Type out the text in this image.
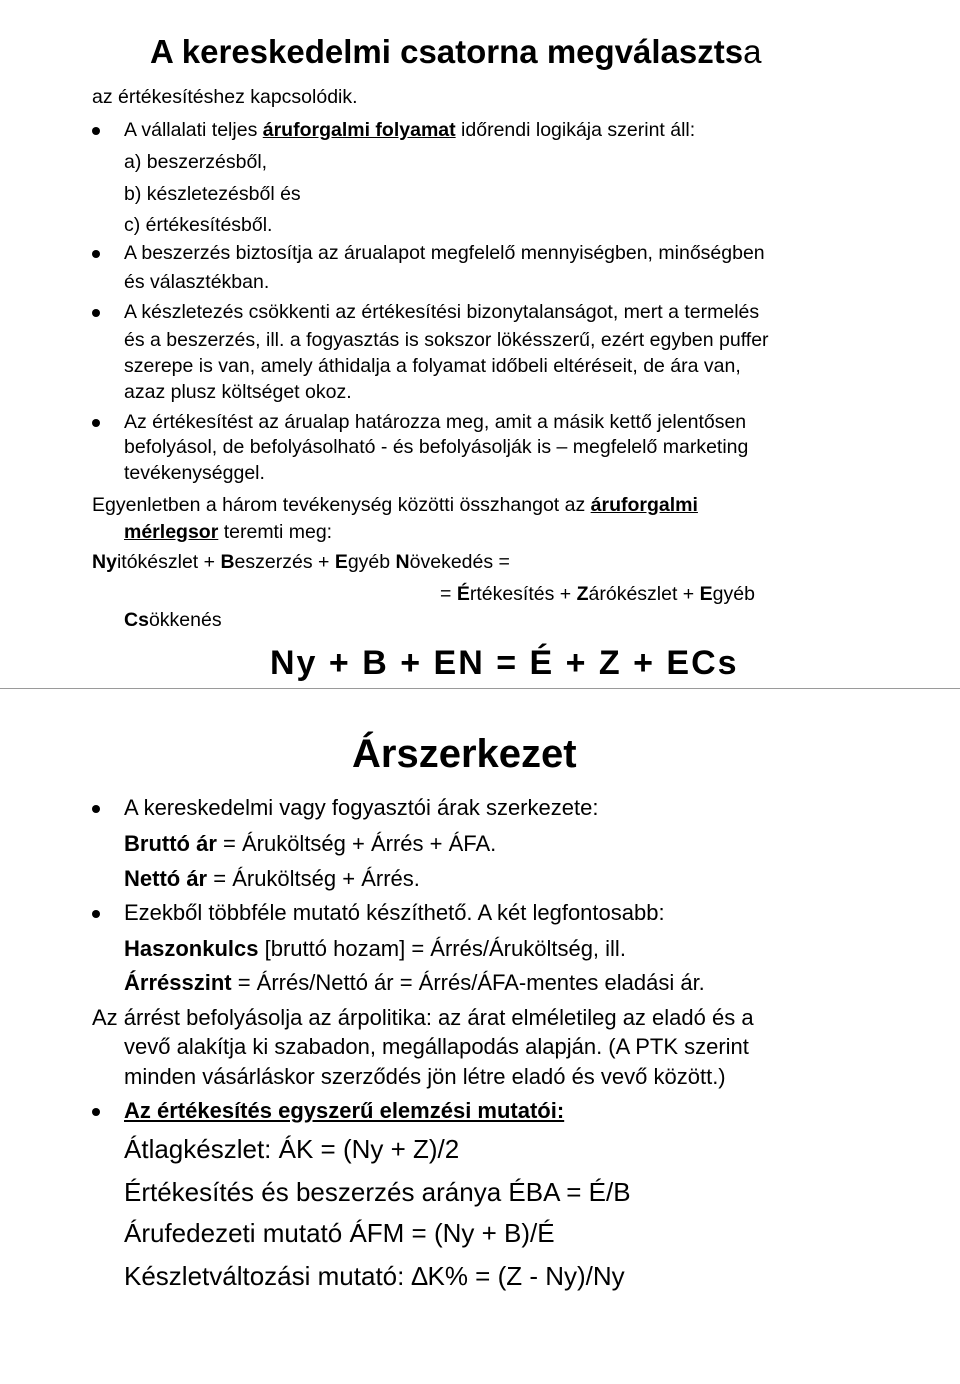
A kereskedelmi csatorna megválasztsa
az értékesítéshez kapcsolódik.
A vállalati teljes áruforgalmi folyamat időrendi logikája szerint áll:
a) beszerzésből,
b) készletezésből és
c) értékesítésből.
A beszerzés biztosítja az árualapot megfelelő mennyiségben, minőségben
és választékban.
A készletezés csökkenti az értékesítési bizonytalanságot, mert a termelés
és a beszerzés, ill. a fogyasztás is sokszor lökésszerű, ezért egyben puffer
szerepe is van, amely áthidalja a folyamat időbeli eltéréseit, de ára van,
azaz plusz költséget okoz.
Az értékesítést az árualap határozza meg, amit a másik kettő jelentősen
befolyásol, de befolyásolható - és befolyásolják is – megfelelő marketing
tevékenységgel.
Egyenletben a három tevékenység közötti összhangot az áruforgalmi
mérlegsor teremti meg:
Nyitókészlet + Beszerzés + Egyéb Növekedés =
= Értékesítés + Zárókészlet + Egyéb
Csökkenés
Ny + B + EN = É + Z + ECs
Árszerkezet
A kereskedelmi vagy fogyasztói árak szerkezete:
Bruttó ár = Áruköltség + Árrés + ÁFA.
Nettó ár = Áruköltség + Árrés.
Ezekből többféle mutató készíthető. A két legfontosabb:
Haszonkulcs [bruttó hozam] = Árrés/Áruköltség, ill.
Árrésszint = Árrés/Nettó ár = Árrés/ÁFA-mentes eladási ár.
Az árrést befolyásolja az árpolitika: az árat elméletileg az eladó és a
vevő alakítja ki szabadon, megállapodás alapján. (A PTK szerint
minden vásárláskor szerződés jön létre eladó és vevő között.)
Az értékesítés egyszerű elemzési mutatói:
Átlagkészlet: ÁK = (Ny + Z)/2
Értékesítés és beszerzés aránya ÉBA = É/B
Árufedezeti mutató ÁFM = (Ny + B)/É
Készletváltozási mutató: ∆K% = (Z - Ny)/Ny
